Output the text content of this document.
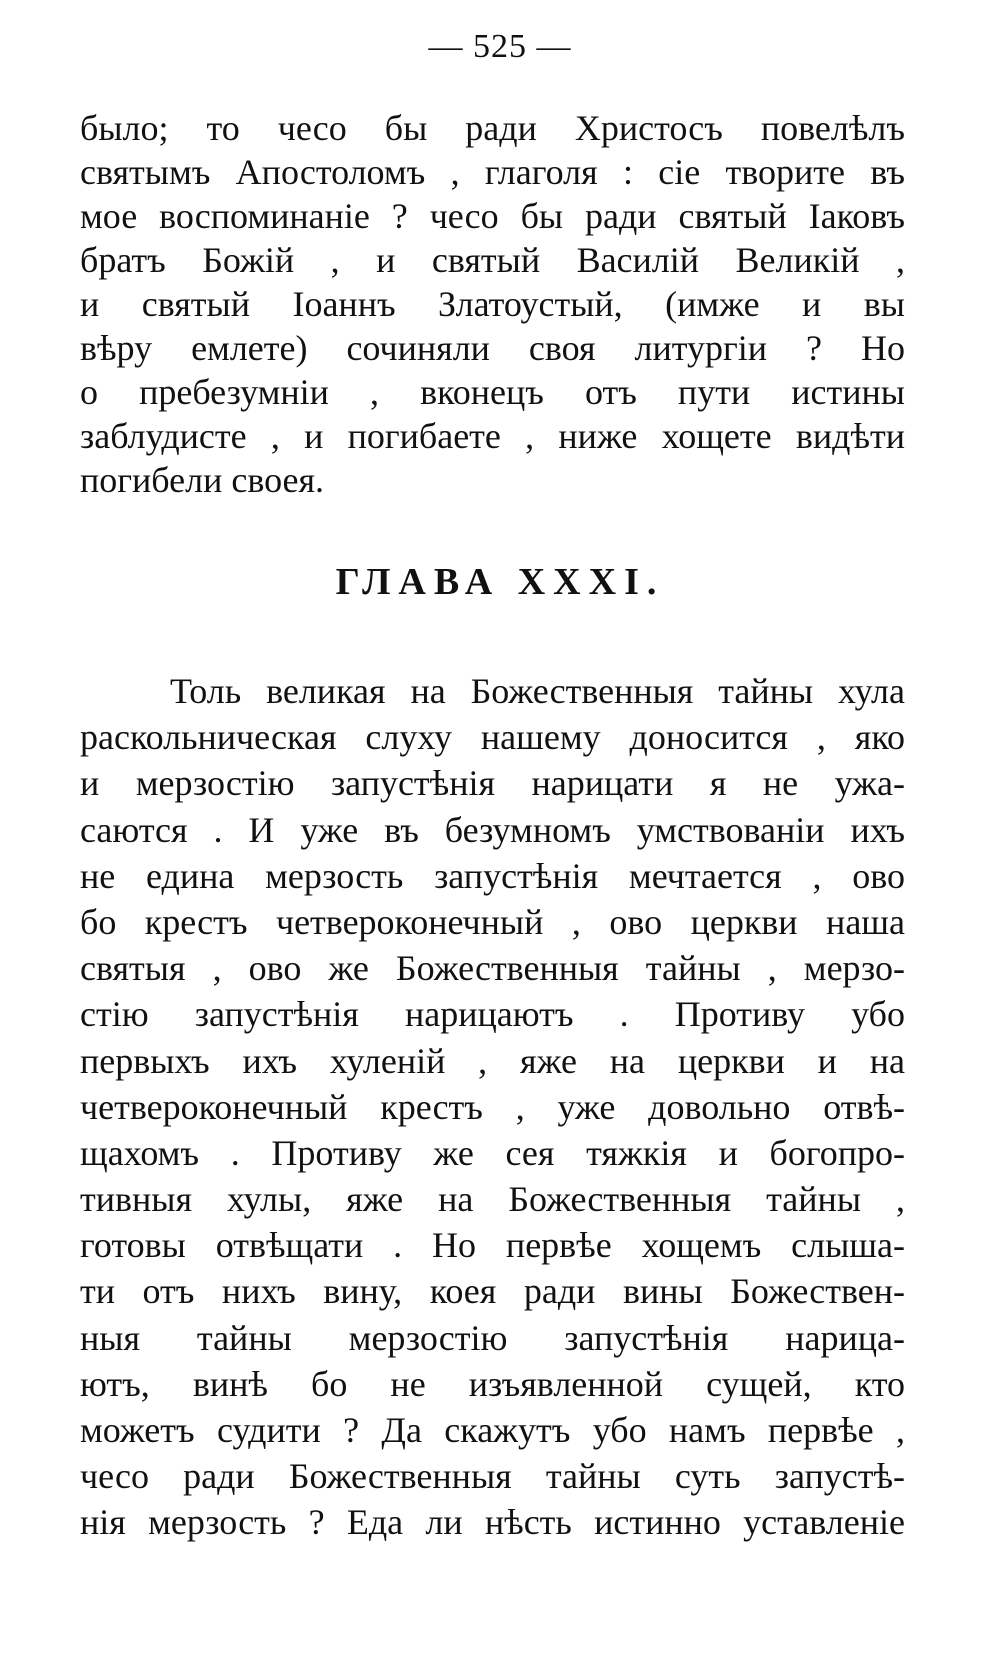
— 525 —
было; то чесо бы ради Христосъ повелѣлъ
святымъ Апостоломъ , глаголя : сіе творите въ
мое воспоминаніе ? чесо бы ради святый Іаковъ
братъ Божій , и святый Василій Великій ,
и святый Іоаннъ Златоустый, (имже и вы
вѣру емлете) сочиняли своя литургіи ? Но
о пребезумніи , вконецъ отъ пути истины
заблудисте , и погибаете , ниже хощете видѣти
погибели своея.
ГЛАВА XXXI.
Толь великая на Божественныя тайны хула
раскольническая слуху нашему доносится , яко
и мерзостію запустѣнія нарицати я не ужа-
саются . И уже въ безумномъ умствованіи ихъ
не едина мерзость запустѣнія мечтается , ово
бо крестъ четвероконечный , ово церкви наша
святыя , ово же Божественныя тайны , мерзо-
стію запустѣнія нарицаютъ . Противу убо
первыхъ ихъ хуленій , яже на церкви и на
четвероконечный крестъ , уже довольно отвѣ-
щахомъ . Противу же сея тяжкія и богопро-
тивныя хулы, яже на Божественныя тайны ,
готовы отвѣщати . Но первѣе хощемъ слыша-
ти отъ нихъ вину, коея ради вины Божествен-
ныя тайны мерзостію запустѣнія нарица-
ютъ, винѣ бо не изъявленной сущей, кто
можетъ судити ? Да скажутъ убо намъ первѣе ,
чесо ради Божественныя тайны суть запустѣ-
нія мерзость ? Еда ли нѣсть истинно уставленіе
